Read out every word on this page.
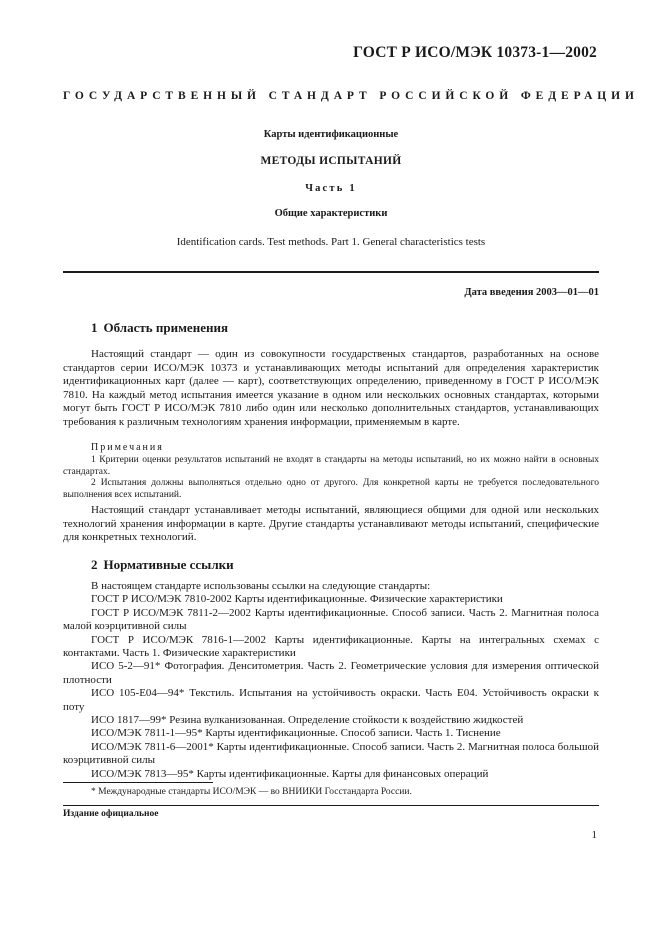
ГОСТ Р ИСО/МЭК 10373-1—2002
ГОСУДАРСТВЕННЫЙ СТАНДАРТ РОССИЙСКОЙ ФЕДЕРАЦИИ
Карты идентификационные
МЕТОДЫ ИСПЫТАНИЙ
Часть 1
Общие характеристики
Identification cards. Test methods. Part 1. General characteristics tests
Дата введения 2003—01—01
1 Область применения

Настоящий стандарт — один из совокупности государственых стандартов, разработанных на основе стандартов серии ИСО/МЭК 10373 и устанавливающих методы испытаний для определения характеристик идентификационных карт (далее — карт), соответствующих определению, приведенному в ГОСТ Р ИСО/МЭК 7810. На каждый метод испытания имеется указание в одном или нескольких основных стандартах, которыми могут быть ГОСТ Р ИСО/МЭК 7810 либо один или несколько дополнительных стандартов, устанавливающих требования к различным технологиям хранения информации, применяемым в карте.

Примечания

1 Критерии оценки результатов испытаний не входят в стандарты на методы испытаний, но их можно найти в основных стандартах.

2 Испытания должны выполняться отдельно одно от другого. Для конкретной карты не требуется последовательного выполнения всех испытаний.

Настоящий стандарт устанавливает методы испытаний, являющиеся общими для одной или нескольких технологий хранения информации в карте. Другие стандарты устанавливают методы испытаний, специфические для конкретных технологий.

2 Нормативные ссылки

В настоящем стандарте использованы ссылки на следующие стандарты:

ГОСТ Р ИСО/МЭК 7810-2002 Карты идентификационные. Физические характеристики

ГОСТ Р ИСО/МЭК 7811-2—2002 Карты идентификационные. Способ записи. Часть 2. Магнитная полоса малой коэрцитивной силы

ГОСТ Р ИСО/МЭК 7816-1—2002 Карты идентификационные. Карты на интегральных схемах с контактами. Часть 1. Физические характеристики

ИСО 5-2—91* Фотография. Денситометрия. Часть 2. Геометрические условия для измерения оптической плотности

ИСО 105-Е04—94* Текстиль. Испытания на устойчивость окраски. Часть Е04. Устойчивость окраски к поту

ИСО 1817—99* Резина вулканизованная. Определение стойкости к воздействию жидкостей

ИСО/МЭК 7811-1—95* Карты идентификационные. Способ записи. Часть 1. Тиснение

ИСО/МЭК 7811-6—2001* Карты идентификационные. Способ записи. Часть 2. Магнитная полоса большой коэрцитивной силы

ИСО/МЭК 7813—95* Карты идентификационные. Карты для финансовых операций

* Международные стандарты ИСО/МЭК — во ВНИИКИ Госстандарта России.
Издание официальное
1
